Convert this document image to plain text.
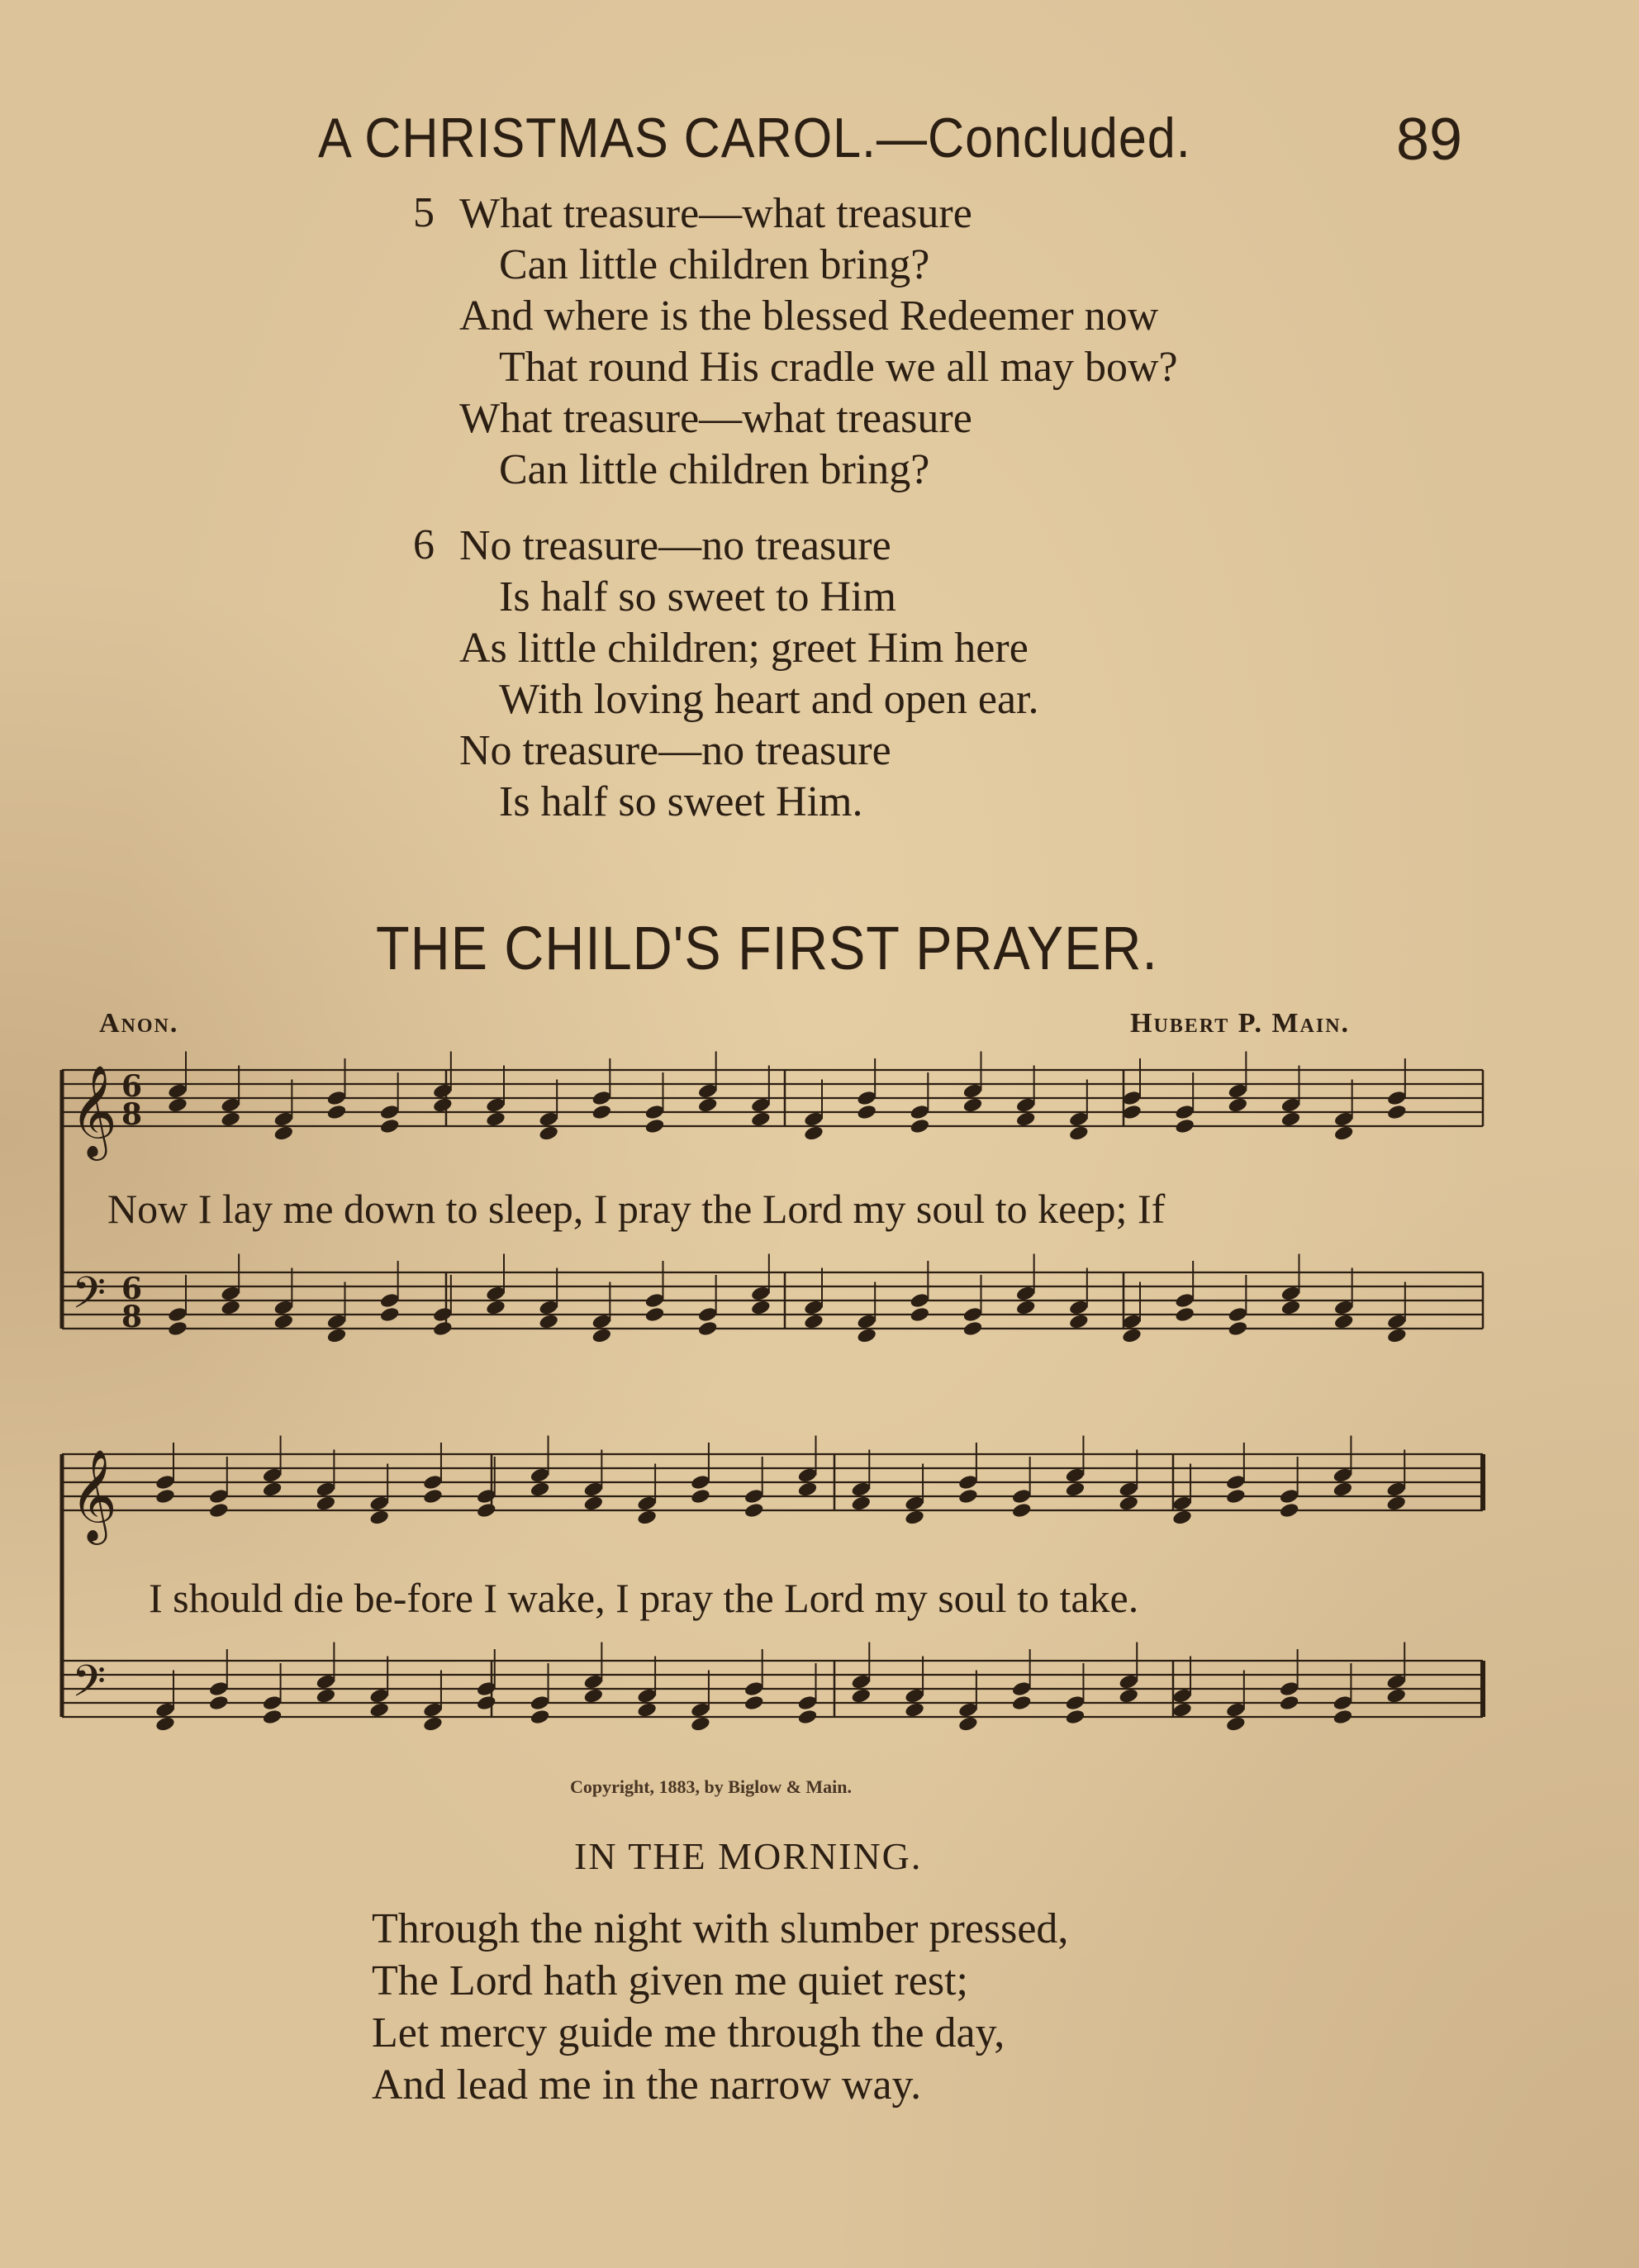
A CHRISTMAS CAROL.—Concluded.	89
5 What treasure—what treasure
Can little children bring?
And where is the blessed Redeemer now
That round His cradle we all may bow?
What treasure—what treasure
Can little children bring?
6 No treasure—no treasure
Is half so sweet to Him
As little children; greet Him here
With loving heart and open ear.
No treasure—no treasure
Is half so sweet Him.
THE CHILD'S FIRST PRAYER.
Anon.	Hubert P. Main.
𝄞 6
8
𝄢 6
8
𝄞
𝄢
Now I lay me down to sleep, I pray the Lord my soul to keep; If
I should die be-fore I wake, I pray the Lord my soul to take.
Copyright, 1883, by Biglow & Main.
IN THE MORNING.
Through the night with slumber pressed,
The Lord hath given me quiet rest;
Let mercy guide me through the day,
And lead me in the narrow way.
